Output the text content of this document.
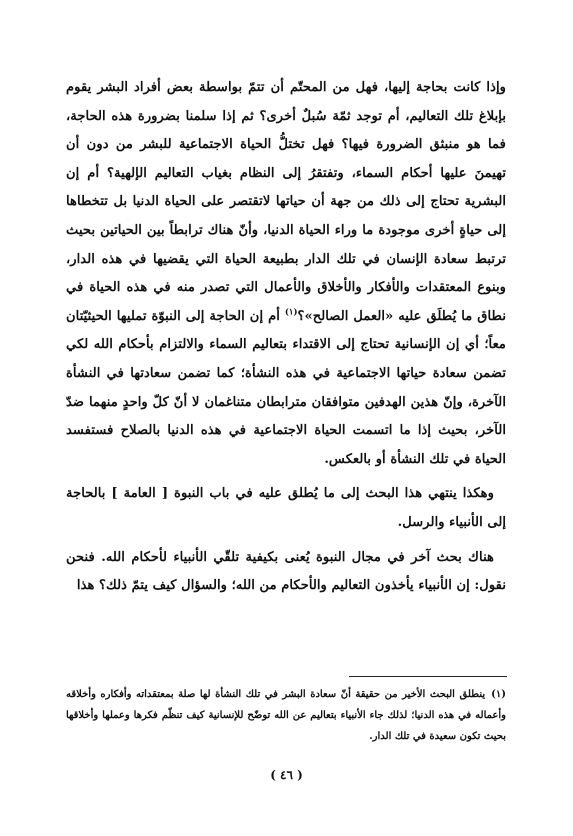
وإذا كانت بحاجة إليها، فهل من المحتّم أن تتمّ بواسطة بعض أفراد البشر يقوم بإبلاغ تلك التعاليم، أم توجد ثمّة سُبلٌ أخرى؟ ثم إذا سلمنا بضرورة هذه الحاجة، فما هو منبثق الضرورة فيها؟ فهل تختلُّ الحياة الاجتماعية للبشر من دون أن تهيمنَ عليها أحكام السماء، وتفتقرُ إلى النظام بغياب التعاليم الإلهية؟ أم إن البشرية تحتاج إلى ذلك من جهة أن حياتها لاتقتصر على الحياة الدنيا بل تتخطاها إلى حياةٍ أخرى موجودة ما وراء الحياة الدنيا، وأنّ هناك ترابطاً بين الحياتين بحيث ترتبط سعادة الإنسان في تلك الدار بطبيعة الحياة التي يقضيها في هذه الدار، وبنوع المعتقدات والأفكار والأخلاق والأعمال التي تصدر منه في هذه الحياة في نطاق ما يُطلَق عليه «العمل الصالح»؟$^{(١)}$ أم إن الحاجة إلى النبوّة تمليها الحيثيّتان معاً؛ أي إن الإنسانية تحتاج إلى الاقتداء بتعاليم السماء والالتزام بأحكام الله لكي تضمن سعادة حياتها الاجتماعية في هذه النشأة؛ كما تضمن سعادتها في النشأة الآخرة، وإنّ هذين الهدفين متوافقان مترابطان متناغمان لا أنّ كلّ واحدٍ منهما ضدّ الآخر، بحيث إذا ما اتسمت الحياة الاجتماعية في هذه الدنيا بالصلاح فستفسد الحياة في تلك النشأة أو بالعكس.

وهكذا ينتهي هذا البحث إلى ما يُطلق عليه في باب النبوة [ العامة ] بالحاجة إلى الأنبياء والرسل.

هناك بحث آخر في مجال النبوة يُعنى بكيفية تلقّي الأنبياء لأحكام الله. فنحن نقول: إن الأنبياء يأخذون التعاليم والأحكام من الله؛ والسؤال كيف يتمّ ذلك؟ هذا

(١)ينطلق البحث الأخير من حقيقة أنّ سعادة البشر في تلك النشأة لها صلة بمعتقداته وأفكاره وأخلاقه وأعماله في هذه الدنيا؛ لذلك جاء الأنبياء بتعاليم عن الله توضّح للإنسانية كيف تنظّم فكرها وعملها وأخلاقها بحيث تكون سعيدة في تلك الدار.
( ٤٦ )
